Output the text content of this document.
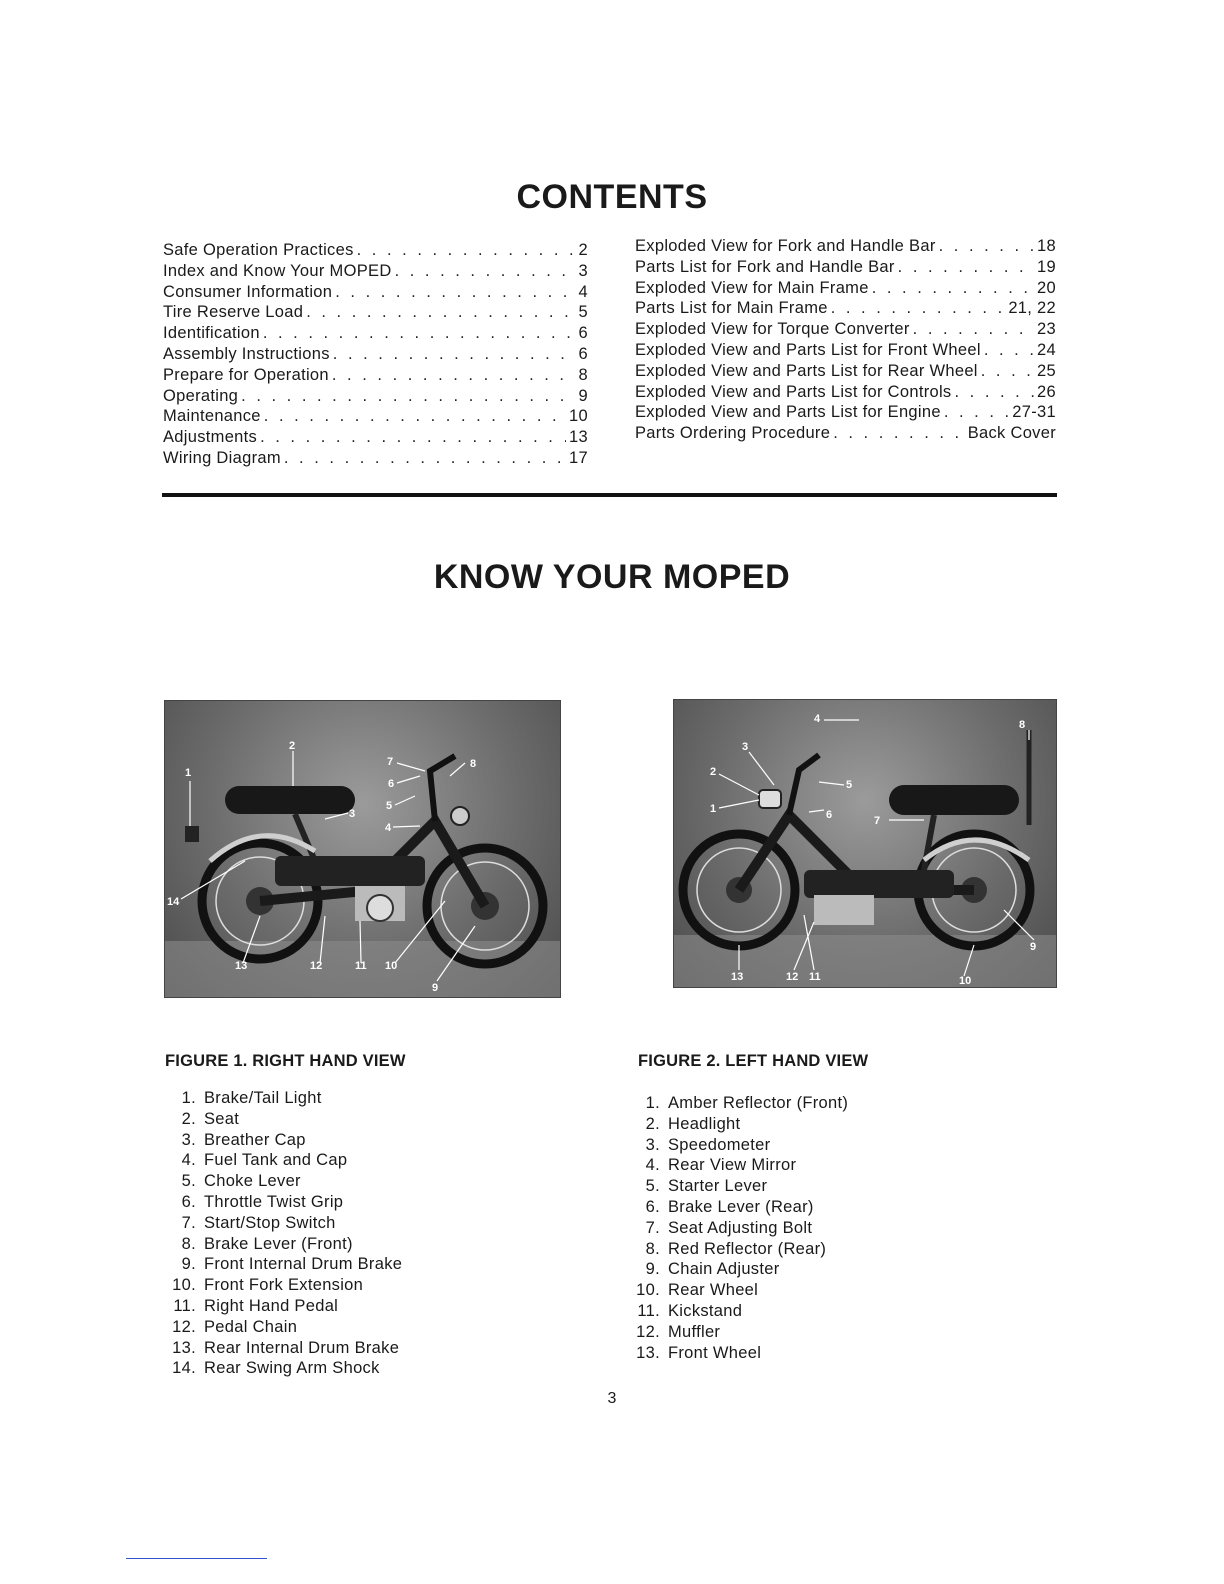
CONTENTS
Safe Operation Practices . . .	2
Index and Know Your MOPED . . .	3
Consumer Information . . .	4
Tire Reserve Load . . .	5
Identification . . .	6
Assembly Instructions . . .	6
Prepare for Operation . . .	8
Operating . . .	9
Maintenance . . .	10
Adjustments . . .	13
Wiring Diagram . . .	17
Exploded View for Fork and Handle Bar . . .	18
Parts List for Fork and Handle Bar . . .	19
Exploded View for Main Frame . . .	20
Parts List for Main Frame . . .	21, 22
Exploded View for Torque Converter . . .	23
Exploded View and Parts List for Front Wheel . . .	24
Exploded View and Parts List for Rear Wheel . . .	25
Exploded View and Parts List for Controls . . .	26
Exploded View and Parts List for Engine . . .	27-31
Parts Ordering Procedure . . .	Back Cover
KNOW YOUR MOPED
1
2
3
4
5
6
7	8
9
10
11
12
13
14
1
2
3
4
5
6	7
8
9
10
11
12
13
FIGURE 1. RIGHT HAND VIEW	FIGURE 2. LEFT HAND VIEW
1. Brake/Tail Light
2. Seat
3. Breather Cap
4. Fuel Tank and Cap
5. Choke Lever
6. Throttle Twist Grip
7. Start/Stop Switch
8. Brake Lever (Front)
9. Front Internal Drum Brake
10. Front Fork Extension
11. Right Hand Pedal
12. Pedal Chain
13. Rear Internal Drum Brake
14. Rear Swing Arm Shock
1. Amber Reflector (Front)
2. Headlight
3. Speedometer
4. Rear View Mirror
5. Starter Lever
6. Brake Lever (Rear)
7. Seat Adjusting Bolt
8. Red Reflector (Rear)
9. Chain Adjuster
10. Rear Wheel
11. Kickstand
12. Muffler
13. Front Wheel
3
